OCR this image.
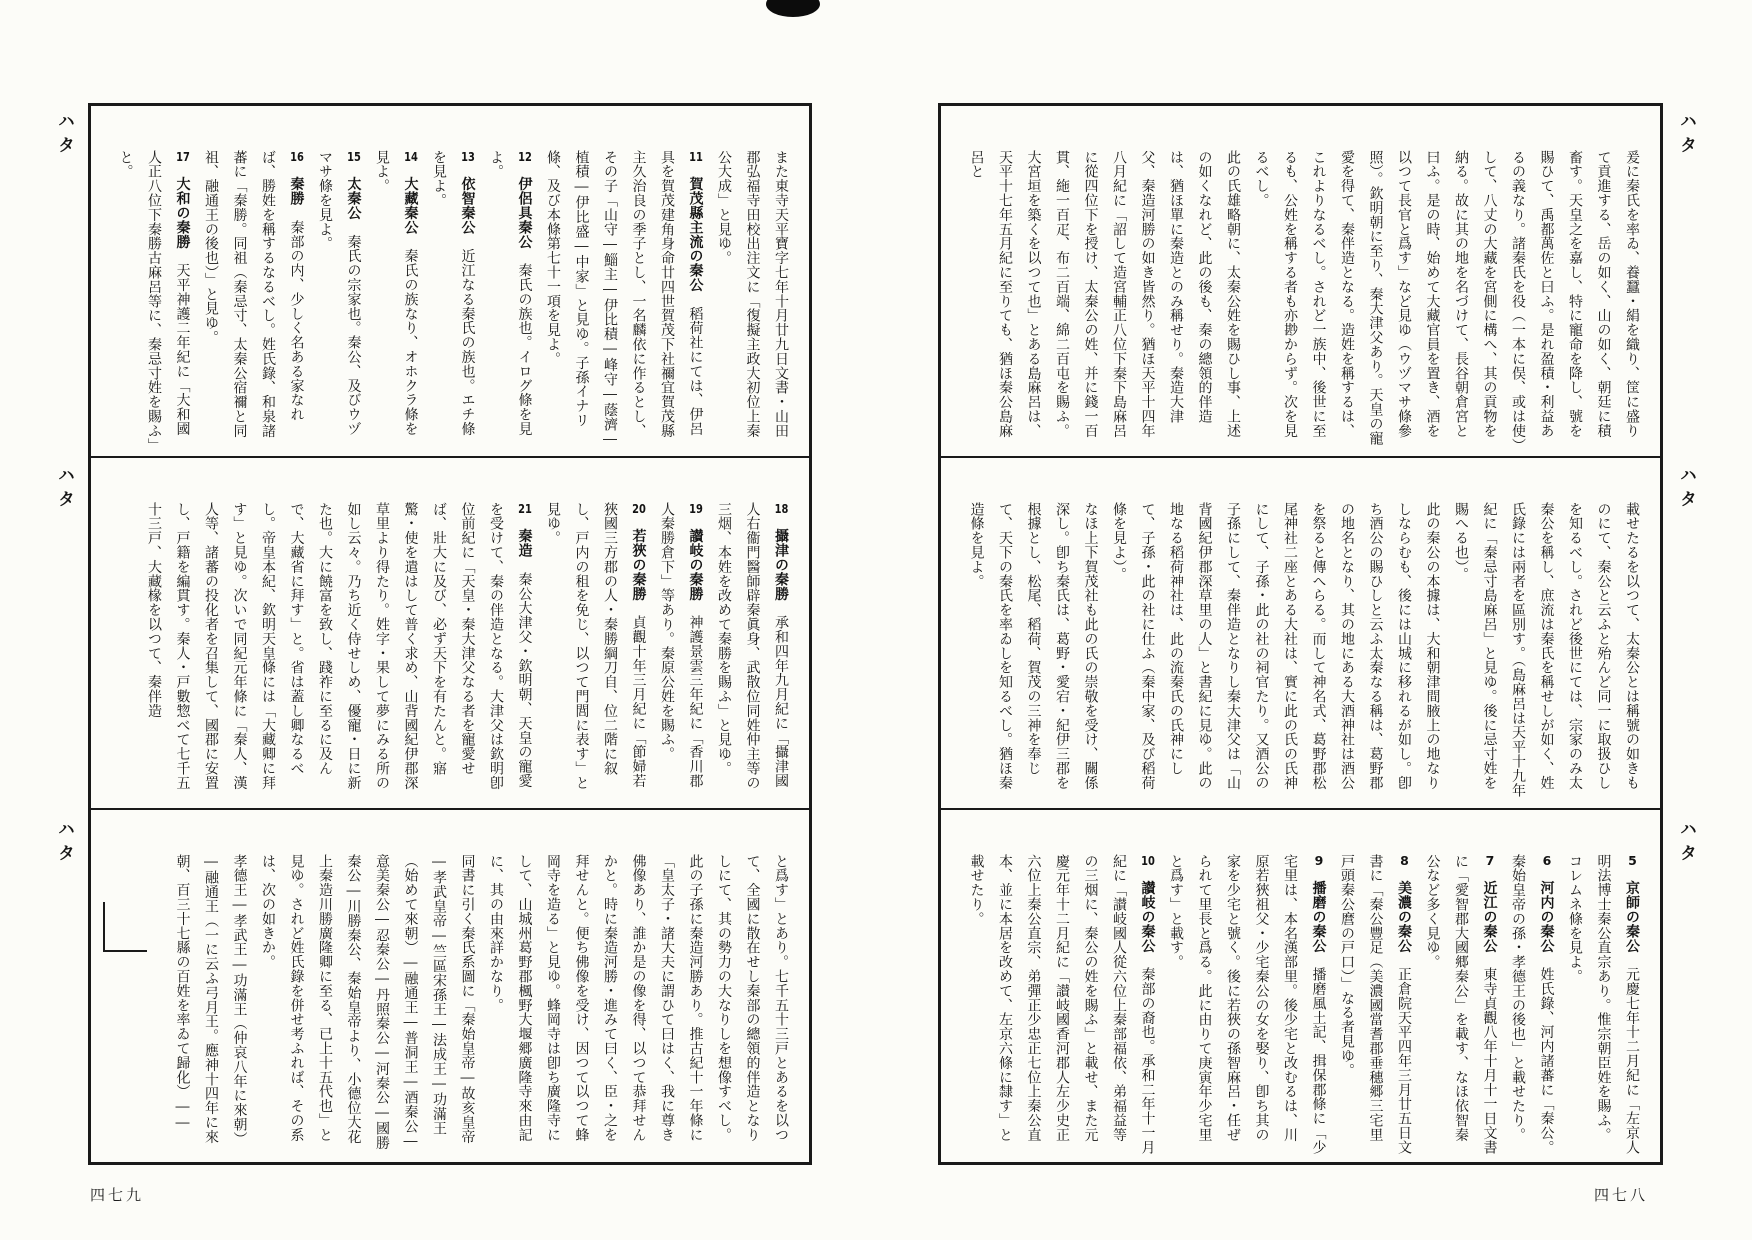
爰に秦氏を率ゐ、養蠶・絹を織り、筐に盛りて貢進する、岳の如く、山の如く、朝廷に積畜す。天皇之を嘉し、特に寵命を降し、號を賜ひて、禹都萬佐と曰ふ。是れ盈積・利益あるの義なり。諸秦氏を役（一本に俣、或は使）して、八丈の大藏を宮側に構へ、其の貢物を納る。故に其の地を名づけて、長谷朝倉宮と曰ふ。是の時、始めて大藏官員を置き、酒を以つて長官と爲す」など見ゆ（ウヅマサ條參照）。欽明朝に至り、秦大津父あり。天皇の寵愛を得て、秦伴造となる。造姓を稱するは、これよりなるべし。されど一族中、後世に至るも、公姓を稱する者も亦尠からず。次を見るべし。

此の氏雄略朝に、太秦公姓を賜ひし事、上述の如くなれど、此の後も、秦の總領的伴造は、猶ほ單に秦造とのみ稱せり。秦造大津父、秦造河勝の如き皆然り。猶ほ天平十四年八月紀に「詔して造宮輔正八位下秦下島麻呂に從四位下を授け、太秦公の姓、并に錢一百貫、絁一百疋、布二百端、綿二百屯を賜ふ。大宮垣を築くを以つて也」とある島麻呂は、天平十七年五月紀に至りても、猶ほ秦公島麻呂と

載せたるを以つて、太秦公とは稱號の如きものにて、秦公と云ふと殆んど同一に取扱ひしを知るべし。されど後世にては、宗家のみ太秦公を稱し、庶流は秦氏を稱せしが如く、姓氏錄には兩者を區別す。（島麻呂は天平十九年紀に「秦忌寸島麻呂」と見ゆ。後に忌寸姓を賜へる也）。

此の秦公の本據は、大和朝津間腋上の地なりしならむも、後には山城に移れるが如し。卽ち酒公の賜ひしと云ふ太秦なる稱は、葛野郡の地名となり、其の地にある大酒神社は酒公を祭ると傳へらる。而して神名式、葛野郡松尾神社二座とある大社は、實に此の氏の氏神にして、子孫・此の社の祠官たり。又酒公の子孫にして、秦伴造となりし秦大津父は「山背國紀伊郡深草里の人」と書紀に見ゆ。此の地なる稻荷神社は、此の流秦氏の氏神にして、子孫・此の社に仕ふ（秦中家、及び稻荷條を見よ）。

なほ上下賀茂社も此の氏の崇敬を受け、關係深し。卽ち秦氏は、葛野・愛宕・紀伊三郡を根據とし、松尾、稻荷、賀茂の三神を奉じて、天下の秦氏を率ゐしを知るべし。猶ほ秦造條を見よ。

5　京師の秦公　元慶七年十二月紀に「左京人明法博士秦公直宗あり。惟宗朝臣姓を賜ふ。コレムネ條を見よ。

6　河内の秦公　姓氏錄、河内諸蕃に「秦公。秦始皇帝の孫・孝德王の後也」と載せたり。

7　近江の秦公　東寺貞觀八年十月十一日文書に「愛智郡大國郷秦公」を載す、なほ依智秦公など多く見ゆ。

8　美濃の秦公　正倉院天平四年三月廿五日文書に「秦公豐足（美濃國當耆郡垂穗郷三宅里戸頭秦公麿の戸口）」なる者見ゆ。

9　播磨の秦公　播磨風土記、揖保郡條に「少宅里は、本名漢部里。後少宅と改むるは、川原若狹祖父・少宅秦公の女を娶り、卽ち其の家を少宅と號く。後に若狹の孫智麻呂・任ぜられて里長と爲る。此に由りて庚寅年少宅里と爲す」と載す。

10　讃岐の秦公　秦部の裔也。承和二年十一月紀に「讃岐國人從六位上秦部福依、弟福益等の三烟に、秦公の姓を賜ふ」と載せ、また元慶元年十二月紀に「讃岐國香河郡人左少史正六位上秦公直宗、弟彈正少忠正七位上秦公直本、並に本居を改めて、左京六條に隸す」と載せたり。

また東寺天平寶字七年十月廿九日文書・山田郡弘福寺田校出注文に「復擬主政大初位上秦公大成」と見ゆ。

11　賀茂縣主流の秦公　稻荷社にては、伊呂具を賀茂建角身命廿四世賀茂下社禰宜賀茂縣主久治良の季子とし、一名麟依に作るとし、その子「山守―鯔主―伊比積―峰守―蔭濟―植積―伊比盛―中家」と見ゆ。子孫イナリ條、及び本條第七十一項を見よ。

12　伊侶具秦公　秦氏の族也。イログ條を見よ。

13　依智秦公　近江なる秦氏の族也。エチ條を見よ。

14　大藏秦公　秦氏の族なり、オホクラ條を見よ。

15　太秦公　秦氏の宗家也。秦公、及びウヅマサ條を見よ。

16　秦勝　秦部の内、少しく名ある家なれば、勝姓を稱するなるべし。姓氏錄、和泉諸蕃に「秦勝。同祖（秦忌寸、太秦公宿禰と同祖、融通王の後也）」と見ゆ。

17　大和の秦勝　天平神護二年紀に「大和國人正八位下秦勝古麻呂等に、秦忌寸姓を賜ふ」と。

18　攝津の秦勝　承和四年九月紀に「攝津國人右衞門醫師辟秦眞身、武散位同姓仲主等の三烟、本姓を改めて秦勝を賜ふ」と見ゆ。

19　讃岐の秦勝　神護景雲三年紀に「香川郡人秦勝倉下」等あり。秦原公姓を賜ふ。

20　若狹の秦勝　貞觀十年三月紀に「節婦若狹國三方郡の人・秦勝綱刀自、位二階に叙し、戸内の租を免じ、以つて門閭に表す」と見ゆ。

21　秦造　秦公大津父・欽明朝、天皇の寵愛を受けて、秦の伴造となる。大津父は欽明卽位前紀に「天皇・秦大津父なる者を寵愛せば、壯大に及び、必ず天下を有たんと。寤驚・使を遣はして普く求め、山背國紀伊郡深草里より得たり。姓字・果して夢にみる所の如し云々。乃ち近く侍せしめ、優寵・日に新た也。大に饒富を致し、踐祚に至るに及んで、大藏省に拜す」と。省は蓋し卿なるべし。帝皇本紀、欽明天皇條には「大藏卿に拜す」と見ゆ。次いで同紀元年條に「秦人、漢人等、諸蕃の投化者を召集して、國郡に安置し、戸籍を編貫す。秦人・戸數惣べて七千五十三戸、大藏椽を以つて、秦伴造

と爲す」とあり。七千五十三戸とあるを以つて、全國に散在せし秦部の總領的伴造となりしにて、其の勢力の大なりしを想像すべし。

此の子孫に秦造河勝あり。推古紀十一年條に「皇太子・諸大夫に謂ひて曰はく、我に尊き佛像あり、誰か是の像を得、以つて恭拜せんかと。時に秦造河勝・進みて曰く、臣・之を拜せんと。便ち佛像を受け、因つて以つて蜂岡寺を造る」と見ゆ。蜂岡寺は卽ち廣隆寺にして、山城州葛野郡楓野大堰郷廣隆寺來由記に、其の由來詳かなり。

同書に引く秦氏系圖に「秦始皇帝―故亥皇帝―孝武皇帝―竺區宋孫王―法成王―功滿王（始めて來朝）―融通王―普洞王―酒秦公―意美秦公―忍秦公―丹照秦公―河秦公―國勝秦公―川勝秦公、秦始皇帝より、小德位大花上秦造川勝廣隆卿に至る、已上十五代也」と見ゆ。されど姓氏錄を併せ考ふれば、その系は、次の如きか。

孝德王―孝武王―功滿王（仲哀八年に來朝）―融通王（一に云ふ弓月王。應神十四年に來朝、百三十七縣の百姓を率ゐて歸化）――

ハタ
ハタ
ハタ
ハタ
ハタ
ハタ
四七九	四七八
